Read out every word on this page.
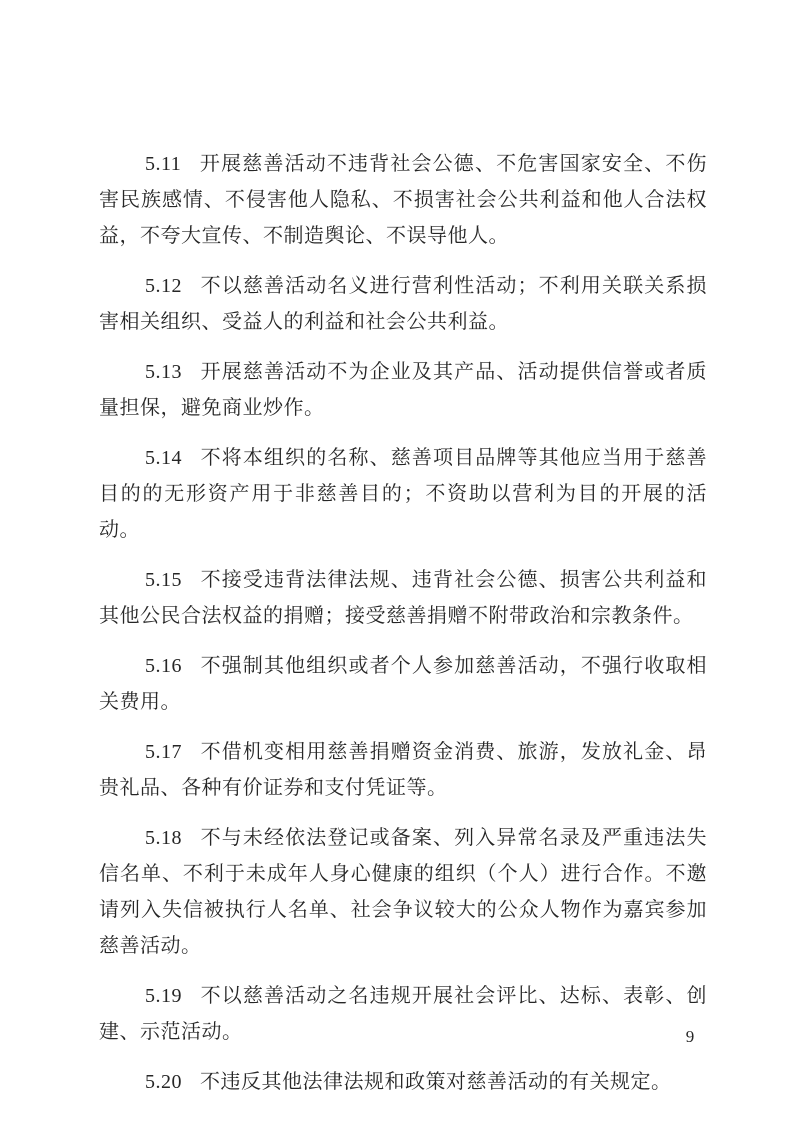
5.11 开展慈善活动不违背社会公德、不危害国家安全、不伤害民族感情、不侵害他人隐私、不损害社会公共利益和他人合法权益，不夸大宣传、不制造舆论、不误导他人。

5.12 不以慈善活动名义进行营利性活动；不利用关联关系损害相关组织、受益人的利益和社会公共利益。

5.13 开展慈善活动不为企业及其产品、活动提供信誉或者质量担保，避免商业炒作。

5.14 不将本组织的名称、慈善项目品牌等其他应当用于慈善目的的无形资产用于非慈善目的；不资助以营利为目的开展的活动。

5.15 不接受违背法律法规、违背社会公德、损害公共利益和其他公民合法权益的捐赠；接受慈善捐赠不附带政治和宗教条件。

5.16 不强制其他组织或者个人参加慈善活动，不强行收取相关费用。

5.17 不借机变相用慈善捐赠资金消费、旅游，发放礼金、昂贵礼品、各种有价证券和支付凭证等。

5.18 不与未经依法登记或备案、列入异常名录及严重违法失信名单、不利于未成年人身心健康的组织（个人）进行合作。不邀请列入失信被执行人名单、社会争议较大的公众人物作为嘉宾参加慈善活动。

5.19 不以慈善活动之名违规开展社会评比、达标、表彰、创建、示范活动。

5.20 不违反其他法律法规和政策对慈善活动的有关规定。

9
